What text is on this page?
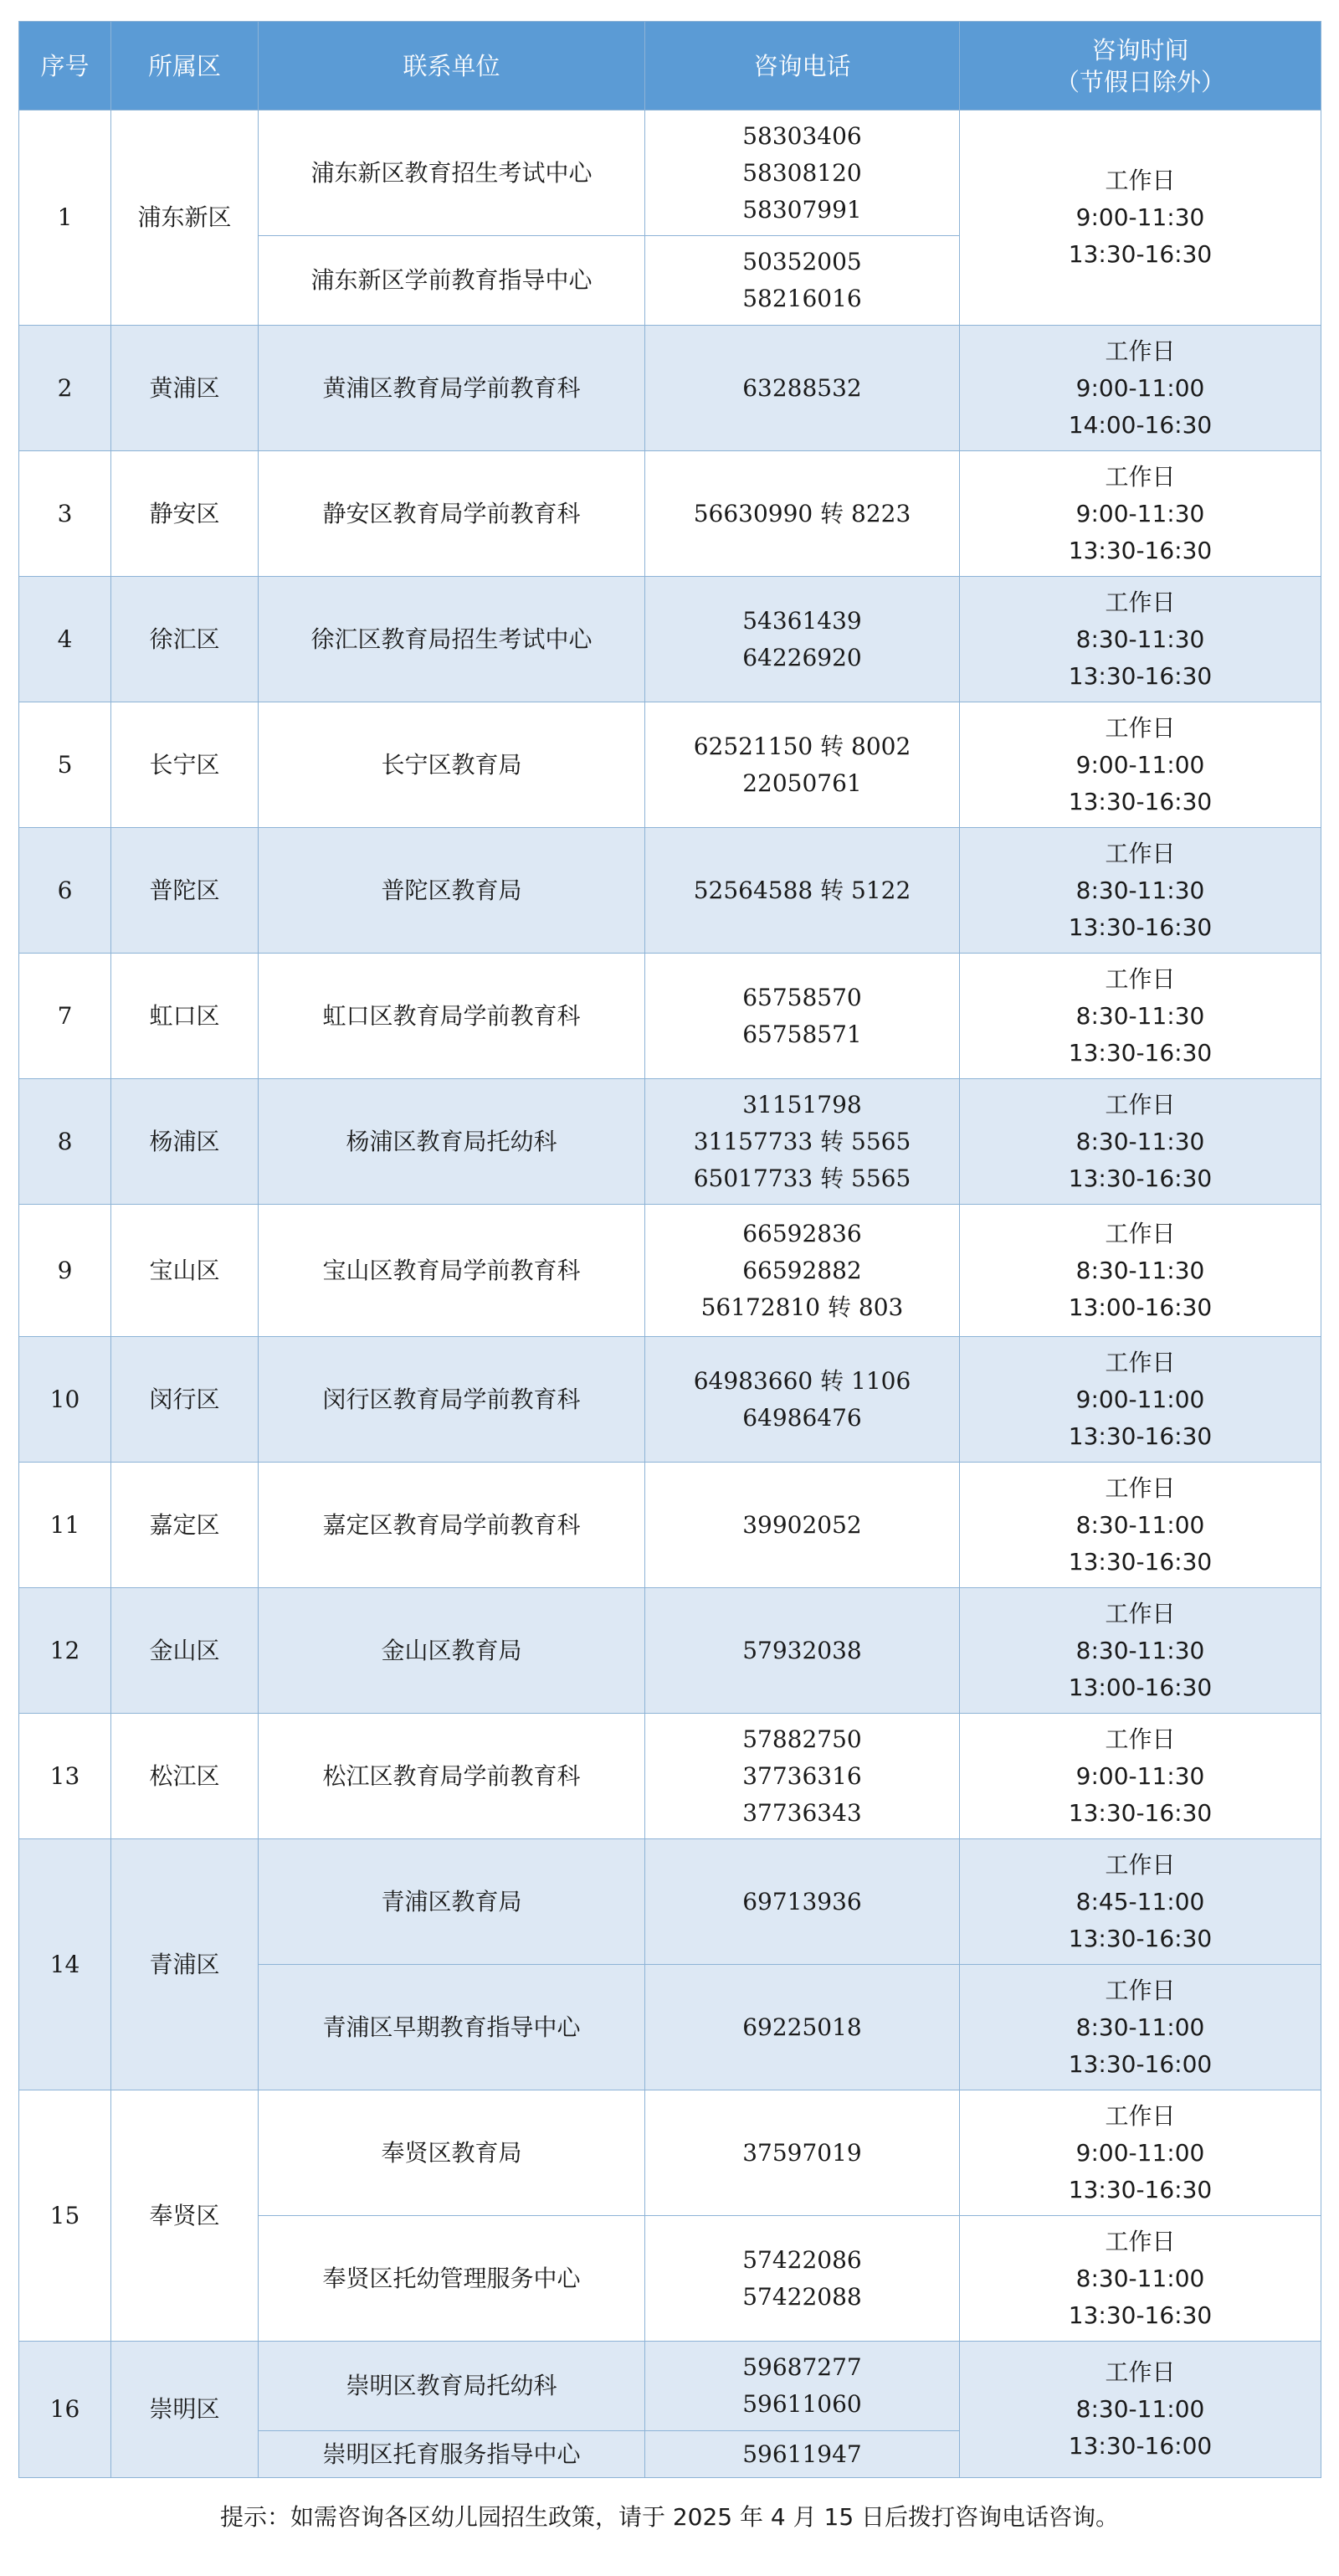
序号	所属区	联系单位	咨询电话	咨询时间
（节假日除外）

1	浦东新区	浦东新区教育招生考试中心	58303406
58308120
58307991	工作日
9:00-11:30
13:30-16:30

		浦东新区学前教育指导中心	50352005
58216016	

2	黄浦区	黄浦区教育局学前教育科	63288532	工作日
9:00-11:00
14:00-16:30

3	静安区	静安区教育局学前教育科	56630990 转 8223	工作日
9:00-11:30
13:30-16:30

4	徐汇区	徐汇区教育局招生考试中心	54361439
64226920	工作日
8:30-11:30
13:30-16:30

5	长宁区	长宁区教育局	62521150 转 8002
22050761	工作日
9:00-11:00
13:30-16:30

6	普陀区	普陀区教育局	52564588 转 5122	工作日
8:30-11:30
13:30-16:30

7	虹口区	虹口区教育局学前教育科	65758570
65758571	工作日
8:30-11:30
13:30-16:30

8	杨浦区	杨浦区教育局托幼科	31151798
31157733 转 5565
65017733 转 5565	工作日
8:30-11:30
13:30-16:30

9	宝山区	宝山区教育局学前教育科	66592836
66592882
56172810 转 803	工作日
8:30-11:30
13:00-16:30

10	闵行区	闵行区教育局学前教育科	64983660 转 1106
64986476	工作日
9:00-11:00
13:30-16:30

11	嘉定区	嘉定区教育局学前教育科	39902052	工作日
8:30-11:00
13:30-16:30

12	金山区	金山区教育局	57932038	工作日
8:30-11:30
13:00-16:30

13	松江区	松江区教育局学前教育科	57882750
37736316
37736343	工作日
9:00-11:30
13:30-16:30

14	青浦区	青浦区教育局	69713936	工作日
8:45-11:00
13:30-16:30

		青浦区早期教育指导中心	69225018	工作日
8:30-11:00
13:30-16:00

15	奉贤区	奉贤区教育局	37597019	工作日
9:00-11:00
13:30-16:30

		奉贤区托幼管理服务中心	57422086
57422088	工作日
8:30-11:00
13:30-16:30

16	崇明区	崇明区教育局托幼科	59687277
59611060	工作日
8:30-11:00
13:30-16:00

		崇明区托育服务指导中心	59611947	
提示：如需咨询各区幼儿园招生政策，请于 2025 年 4 月 15 日后拨打咨询电话咨询。
